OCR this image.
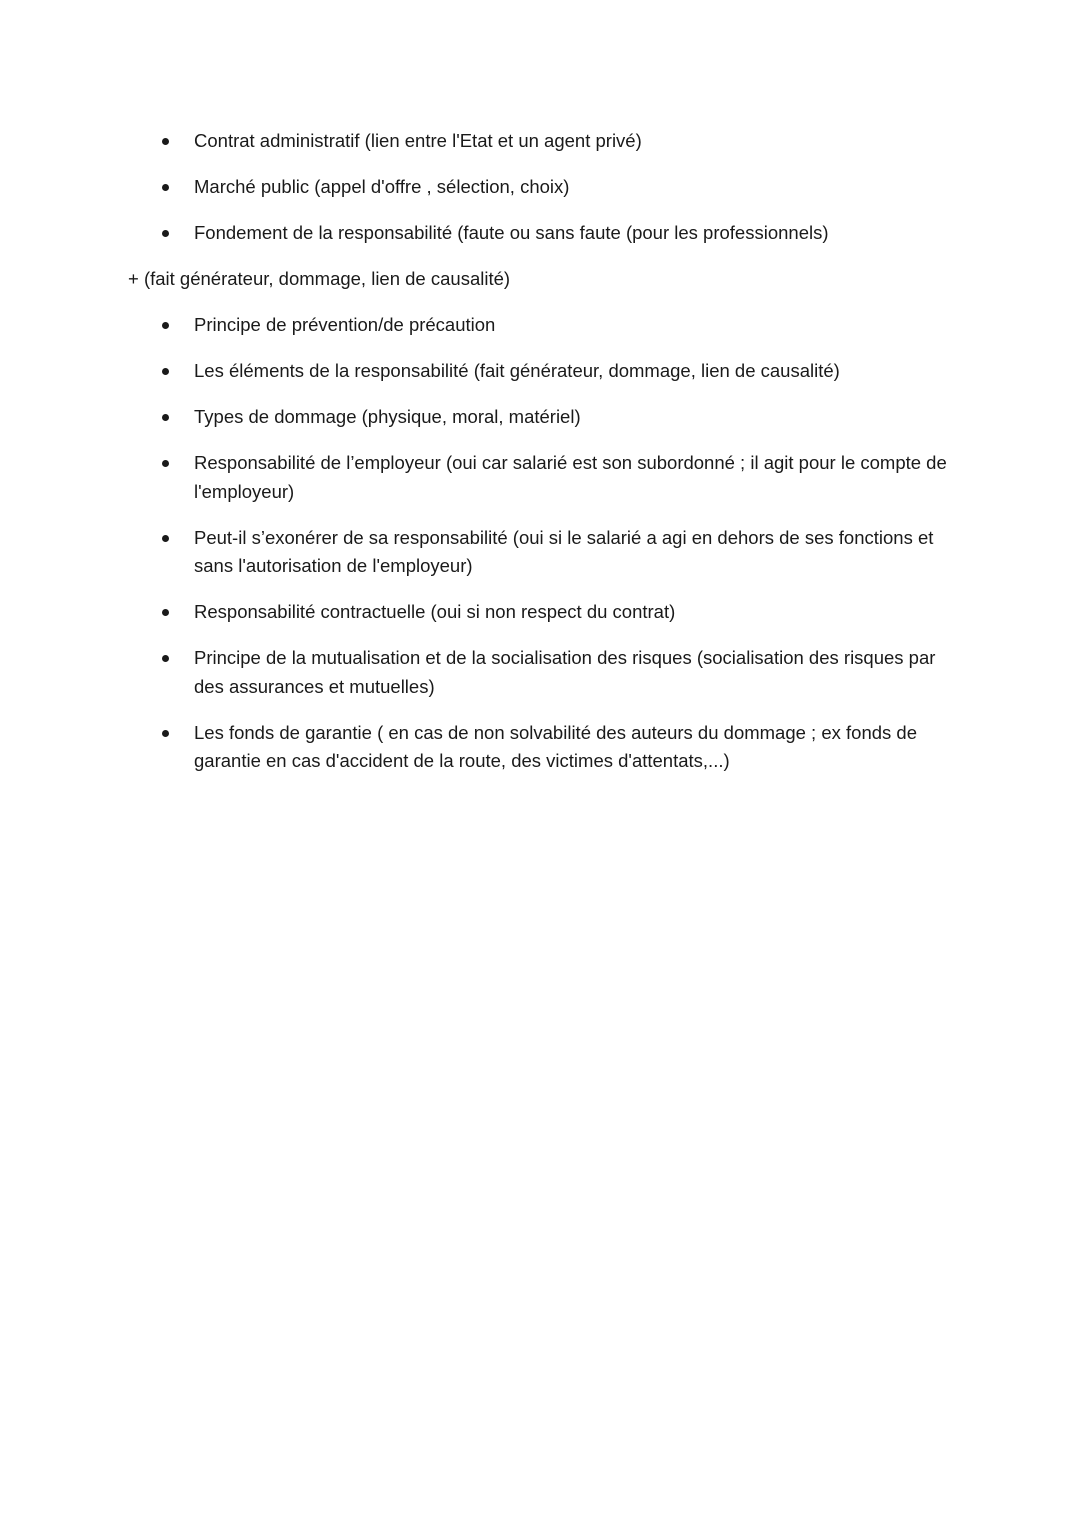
Contrat administratif (lien entre l'Etat et un agent privé)
Marché public (appel d'offre , sélection, choix)
Fondement de la responsabilité (faute ou sans faute (pour les professionnels)
+ (fait générateur, dommage, lien de causalité)
Principe de prévention/de précaution
Les éléments de la responsabilité (fait générateur, dommage, lien de causalité)
Types de dommage (physique, moral, matériel)
Responsabilité de l’employeur (oui car salarié est son subordonné ; il agit pour le compte de l'employeur)
Peut-il s’exonérer de sa responsabilité (oui si le salarié a agi en dehors de ses fonctions et sans l'autorisation de l'employeur)
Responsabilité contractuelle (oui si non respect du contrat)
Principe de la mutualisation et de la socialisation des risques (socialisation des risques par des assurances et mutuelles)
Les fonds de garantie ( en cas de non solvabilité des auteurs du dommage ; ex fonds de garantie en cas d'accident de la route, des victimes d'attentats,...)
